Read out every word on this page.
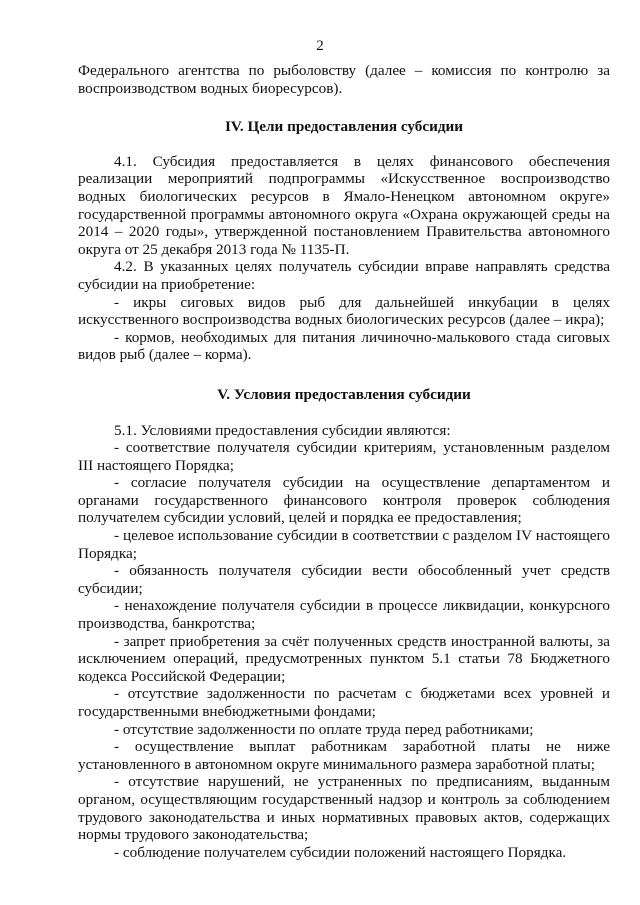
2

Федерального агентства по рыболовству (далее – комиссия по контролю за воспроизводством водных биоресурсов).

IV. Цели предоставления субсидии

4.1. Субсидия предоставляется в целях финансового обеспечения реализации мероприятий подпрограммы «Искусственное воспроизводство водных биологических ресурсов в Ямало-Ненецком автономном округе» государственной программы автономного округа «Охрана окружающей среды на 2014 – 2020 годы», утвержденной постановлением Правительства автономного округа от 25 декабря 2013 года № 1135-П.

4.2. В указанных целях получатель субсидии вправе направлять средства субсидии на приобретение:

- икры сиговых видов рыб для дальнейшей инкубации в целях искусственного воспроизводства водных биологических ресурсов (далее – икра);

- кормов, необходимых для питания личиночно-малькового стада сиговых видов рыб (далее – корма).

V. Условия предоставления субсидии

5.1. Условиями предоставления субсидии являются:

- соответствие получателя субсидии критериям, установленным разделом III настоящего Порядка;

- согласие получателя субсидии на осуществление департаментом и органами государственного финансового контроля проверок соблюдения получателем субсидии условий, целей и порядка ее предоставления;

- целевое использование субсидии в соответствии с разделом IV настоящего Порядка;

- обязанность получателя субсидии вести обособленный учет средств субсидии;

- ненахождение получателя субсидии в процессе ликвидации, конкурсного производства, банкротства;

- запрет приобретения за счёт полученных средств иностранной валюты, за исключением операций, предусмотренных пунктом 5.1 статьи 78 Бюджетного кодекса Российской Федерации;

- отсутствие задолженности по расчетам с бюджетами всех уровней и государственными внебюджетными фондами;

- отсутствие задолженности по оплате труда перед работниками;

- осуществление выплат работникам заработной платы не ниже установленного в автономном округе минимального размера заработной платы;

- отсутствие нарушений, не устраненных по предписаниям, выданным органом, осуществляющим государственный надзор и контроль за соблюдением трудового законодательства и иных нормативных правовых актов, содержащих нормы трудового законодательства;

- соблюдение получателем субсидии положений настоящего Порядка.
